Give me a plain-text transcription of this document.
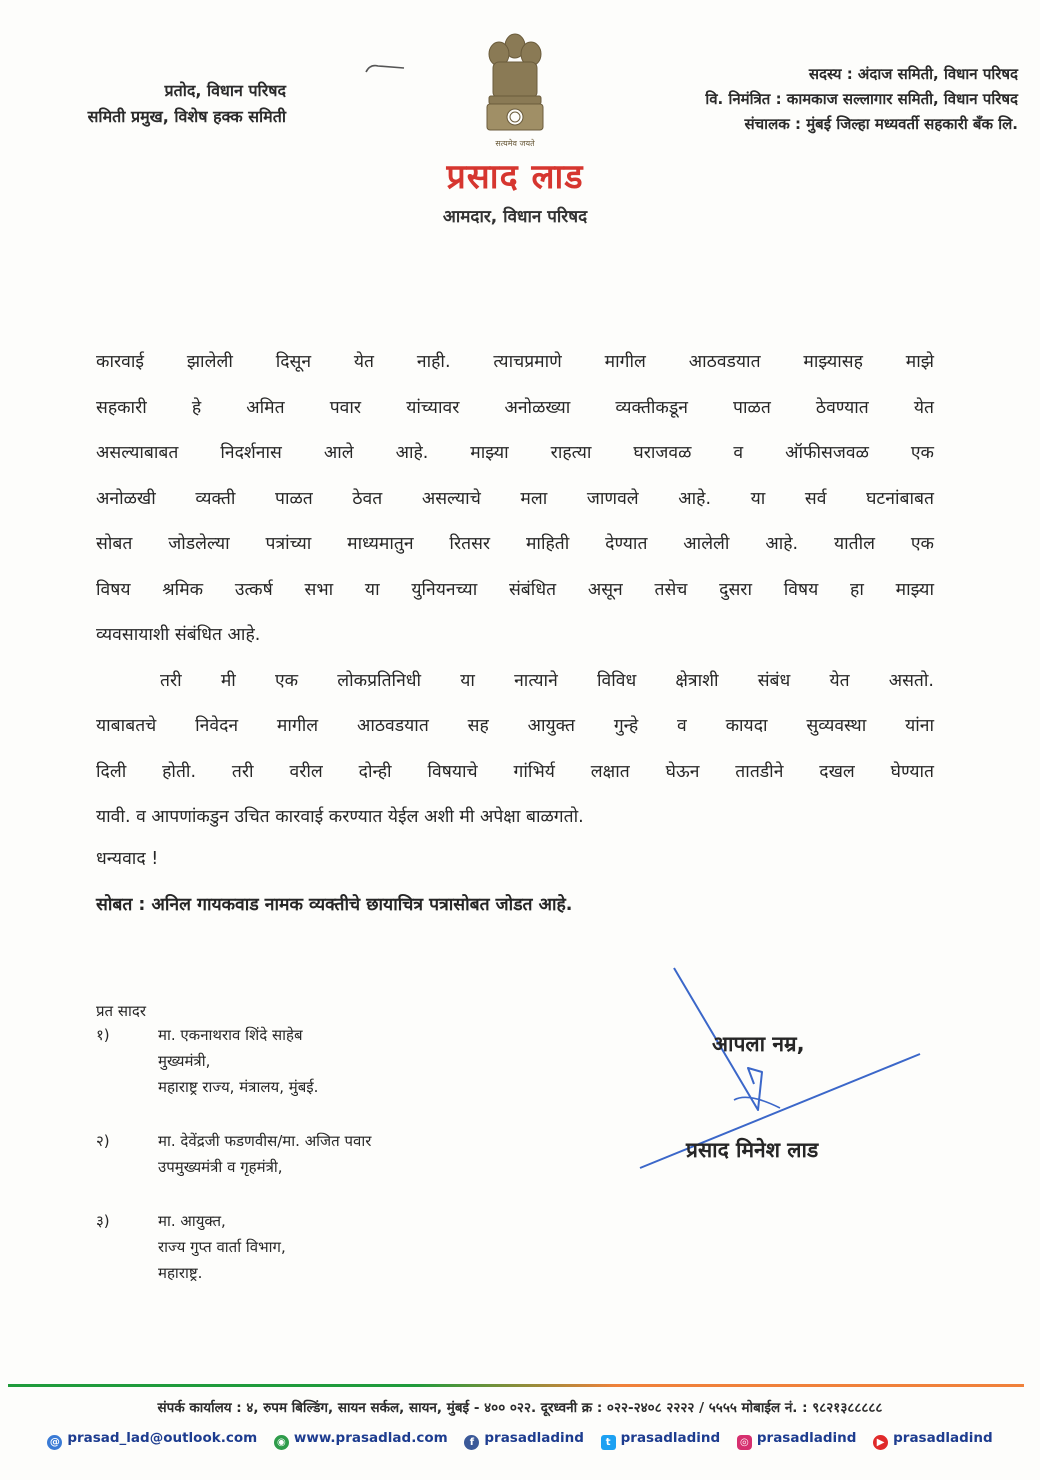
प्रतोद, विधान परिषद
समिती प्रमुख, विशेष हक्क समिती
सत्यमेव जयते
प्रसाद लाड
आमदार, विधान परिषद
सदस्य : अंदाज समिती, विधान परिषद
वि. निमंत्रित : कामकाज सल्लागार समिती, विधान परिषद
संचालक : मुंबई जिल्हा मध्यवर्ती सहकारी बँक लि.

कारवाई झालेली दिसून येत नाही. त्याचप्रमाणे मागील आठवडयात माझ्यासह माझे

सहकारी हे अमित पवार यांच्यावर अनोळख्या व्यक्तीकडून पाळत ठेवण्यात येत

असल्याबाबत निदर्शनास आले आहे. माझ्या राहत्या घराजवळ व ऑफीसजवळ एक

अनोळखी व्यक्ती पाळत ठेवत असल्याचे मला जाणवले आहे. या सर्व घटनांबाबत

सोबत जोडलेल्या पत्रांच्या माध्यमातुन रितसर माहिती देण्यात आलेली आहे. यातील एक

विषय श्रमिक उत्कर्ष सभा या युनियनच्या संबंधित असून तसेच दुसरा विषय हा माझ्या

व्यवसायाशी संबंधित आहे.

तरी मी एक लोकप्रतिनिधी या नात्याने विविध क्षेत्राशी संबंध येत असतो.

याबाबतचे निवेदन मागील आठवडयात सह आयुक्त गुन्हे व कायदा सुव्यवस्था यांना

दिली होती. तरी वरील दोन्ही विषयाचे गांभिर्य लक्षात घेऊन तातडीने दखल घेण्यात

यावी. व आपणांकडुन उचित कारवाई करण्यात येईल अशी मी अपेक्षा बाळगतो.

धन्यवाद !
सोबत : अनिल गायकवाड नामक व्यक्तीचे छायाचित्र पत्रासोबत जोडत आहे.
प्रत सादर
१)	मा. एकनाथराव शिंदे साहेब
मुख्यमंत्री,
महाराष्ट्र राज्य, मंत्रालय, मुंबई.
२)	मा. देवेंद्रजी फडणवीस/मा. अजित पवार
उपमुख्यमंत्री व गृहमंत्री,
३)	मा. आयुक्त,
राज्य गुप्त वार्ता विभाग,
महाराष्ट्र.
आपला नम्र,
प्रसाद मिनेश लाड
संपर्क कार्यालय : ४, रुपम बिल्डिंग, सायन सर्कल, सायन, मुंबई - ४०० ०२२. दूरध्वनी क्र : ०२२-२४०८ २२२२ / ५५५५ मोबाईल नं. : ९८२१३८८८८८
@ prasad_lad@outlook.com ◉ www.prasadlad.com f prasadladind t prasadladind ◎ prasadladind ▶ prasadladind
